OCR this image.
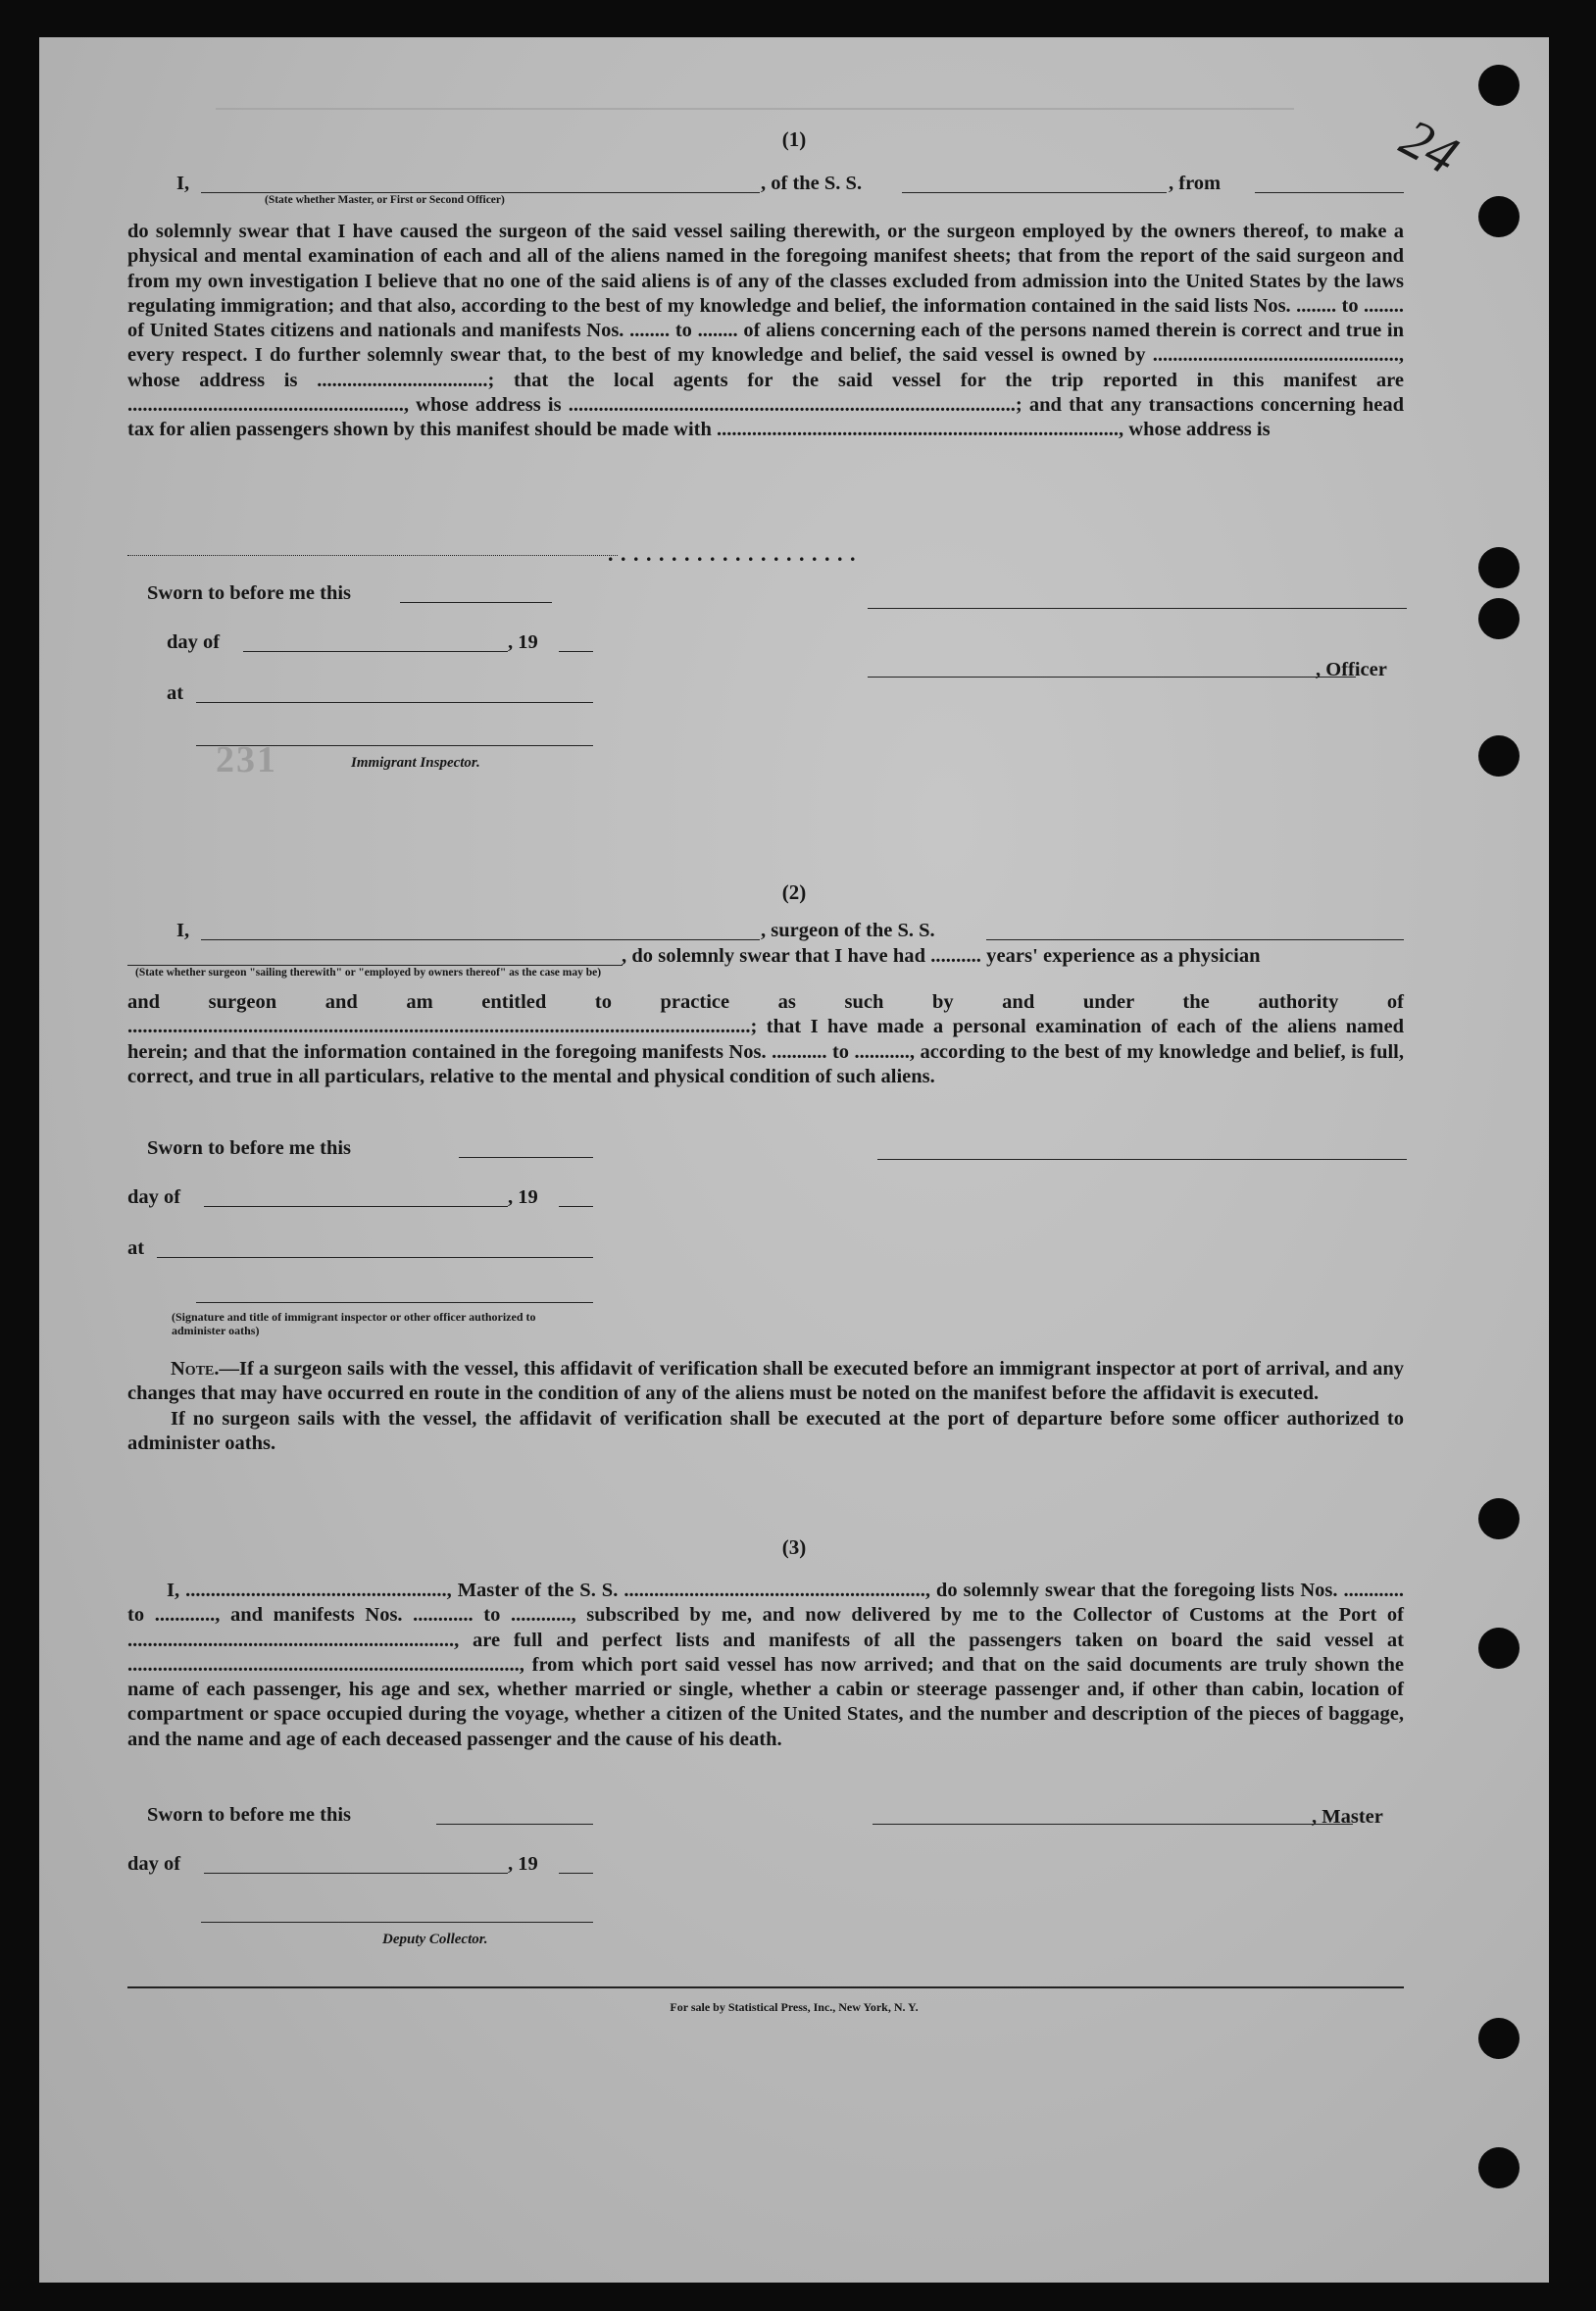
24
(1)
I,	, of the S. S.	, from
(State whether Master, or First or Second Officer)

do solemnly swear that I have caused the surgeon of the said vessel sailing therewith, or the surgeon employed by the owners thereof, to make a physical and mental examination of each and all of the aliens named in the foregoing manifest sheets; that from the report of the said surgeon and from my own investigation I believe that no one of the said aliens is of any of the classes excluded from admission into the United States by the laws regulating immigration; and that also, according to the best of my knowledge and belief, the information contained in the said lists Nos. ........ to ........ of United States citizens and nationals and manifests Nos. ........ to ........ of aliens concerning each of the persons named therein is correct and true in every respect. I do further solemnly swear that, to the best of my knowledge and belief, the said vessel is owned by ................................................., whose address is ..................................; that the local agents for the said vessel for the trip reported in this manifest are ......................................................., whose address is .........................................................................................; and that any transactions concerning head tax for alien passengers shown by this manifest should be made with ................................................................................, whose address is

. . . . . . . . . . . . . . . . . . . .
Sworn to before me this
day of	, 19
, Officer
at
231	Immigrant Inspector.
(2)
I,	, surgeon of the S. S.
, do solemnly swear that I have had .......... years' experience as a physician
(State whether surgeon "sailing therewith" or "employed by owners thereof" as the case may be)

and surgeon and am entitled to practice as such by and under the authority of ............................................................................................................................; that I have made a personal examination of each of the aliens named herein; and that the information contained in the foregoing manifests Nos. ........... to ..........., according to the best of my knowledge and belief, is full, correct, and true in all particulars, relative to the mental and physical condition of such aliens.

Sworn to before me this
day of	, 19
at
(Signature and title of immigrant inspector or other officer authorized to administer oaths)

Note.—If a surgeon sails with the vessel, this affidavit of verification shall be executed before an immigrant inspector at port of arrival, and any changes that may have occurred en route in the condition of any of the aliens must be noted on the manifest before the affidavit is executed.

If no surgeon sails with the vessel, the affidavit of verification shall be executed at the port of departure before some officer authorized to administer oaths.

(3)

I, ...................................................., Master of the S. S. ............................................................, do solemnly swear that the foregoing lists Nos. ............ to ............, and manifests Nos. ............ to ............, subscribed by me, and now delivered by me to the Collector of Customs at the Port of ................................................................., are full and perfect lists and manifests of all the passengers taken on board the said vessel at .............................................................................., from which port said vessel has now arrived; and that on the said documents are truly shown the name of each passenger, his age and sex, whether married or single, whether a cabin or steerage passenger and, if other than cabin, location of compartment or space occupied during the voyage, whether a citizen of the United States, and the number and description of the pieces of baggage, and the name and age of each deceased passenger and the cause of his death.

Sworn to before me this	, Master
day of	, 19
Deputy Collector.
For sale by Statistical Press, Inc., New York, N. Y.
